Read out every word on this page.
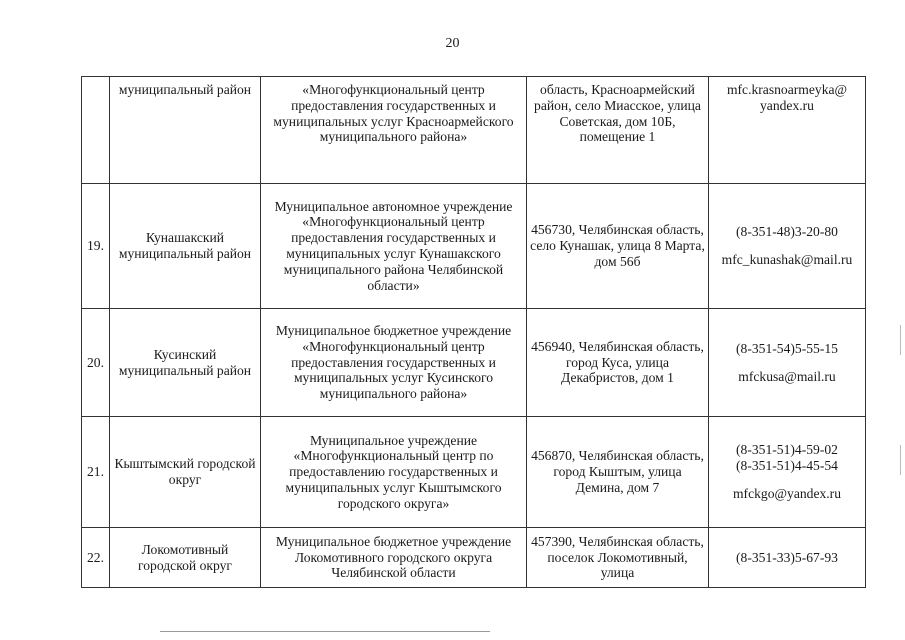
20
	муниципальный район	«Многофункциональный центр предоставления государственных и муниципальных услуг Красноармейского муниципального района»	область, Красноармейский район, село Миасское, улица Советская, дом 10Б, помещение 1	mfc.krasnoarmeyka@ yandex.ru

19.	Кунашакский муниципальный район	Муниципальное автономное учреждение «Многофункциональный центр предоставления государственных и муниципальных услуг Кунашакского муниципального района Челябинской области»	456730, Челябинская область, село Кунашак, улица 8 Марта, дом 56б	(8-351-48)3-20-80
mfc_kunashak@mail.ru

20.	Кусинский муниципальный район	Муниципальное бюджетное учреждение «Многофункциональный центр предоставления государственных и муниципальных услуг Кусинского муниципального района»	456940, Челябинская область, город Куса, улица Декабристов, дом 1	(8-351-54)5-55-15
mfckusa@mail.ru

21.	Кыштымский городской округ	Муниципальное учреждение «Многофункциональный центр по предоставлению государственных и муниципальных услуг Кыштымского городского округа»	456870, Челябинская область, город Кыштым, улица Демина, дом 7	(8-351-51)4-59-02
(8-351-51)4-45-54
mfckgo@yandex.ru

22.	Локомотивный городской округ	Муниципальное бюджетное учреждение Локомотивного городского округа Челябинской области	457390, Челябинская область, поселок Локомотивный, улица	(8-351-33)5-67-93
